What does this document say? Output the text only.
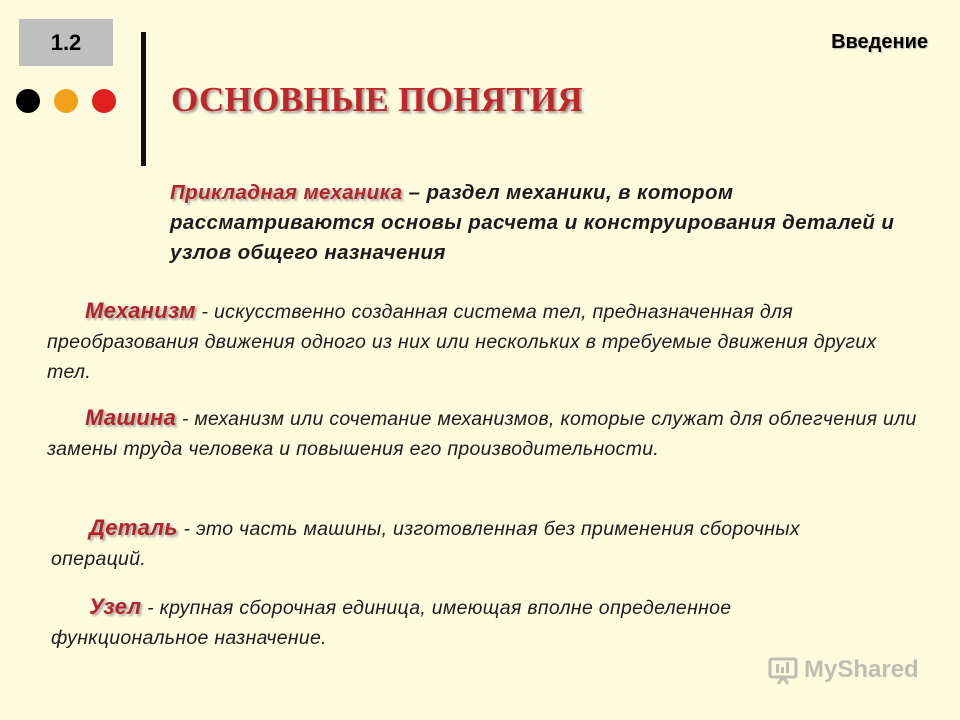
1.2	Введение
ОСНОВНЫЕ ПОНЯТИЯ

Прикладная механика – раздел механики, в котором рассматриваются основы расчета и конструирования деталей и узлов общего назначения

Механизм - искусственно созданная система тел, предназначенная для преобразования движения одного из них или нескольких в требуемые движения других тел.

Машина - механизм или сочетание механизмов, которые служат для облегчения или замены труда человека и повышения его производительности.

Деталь - это часть машины, изготовленная без применения сборочных операций.

Узел - крупная сборочная единица, имеющая вполне определенное функциональное назначение.

MyShared
